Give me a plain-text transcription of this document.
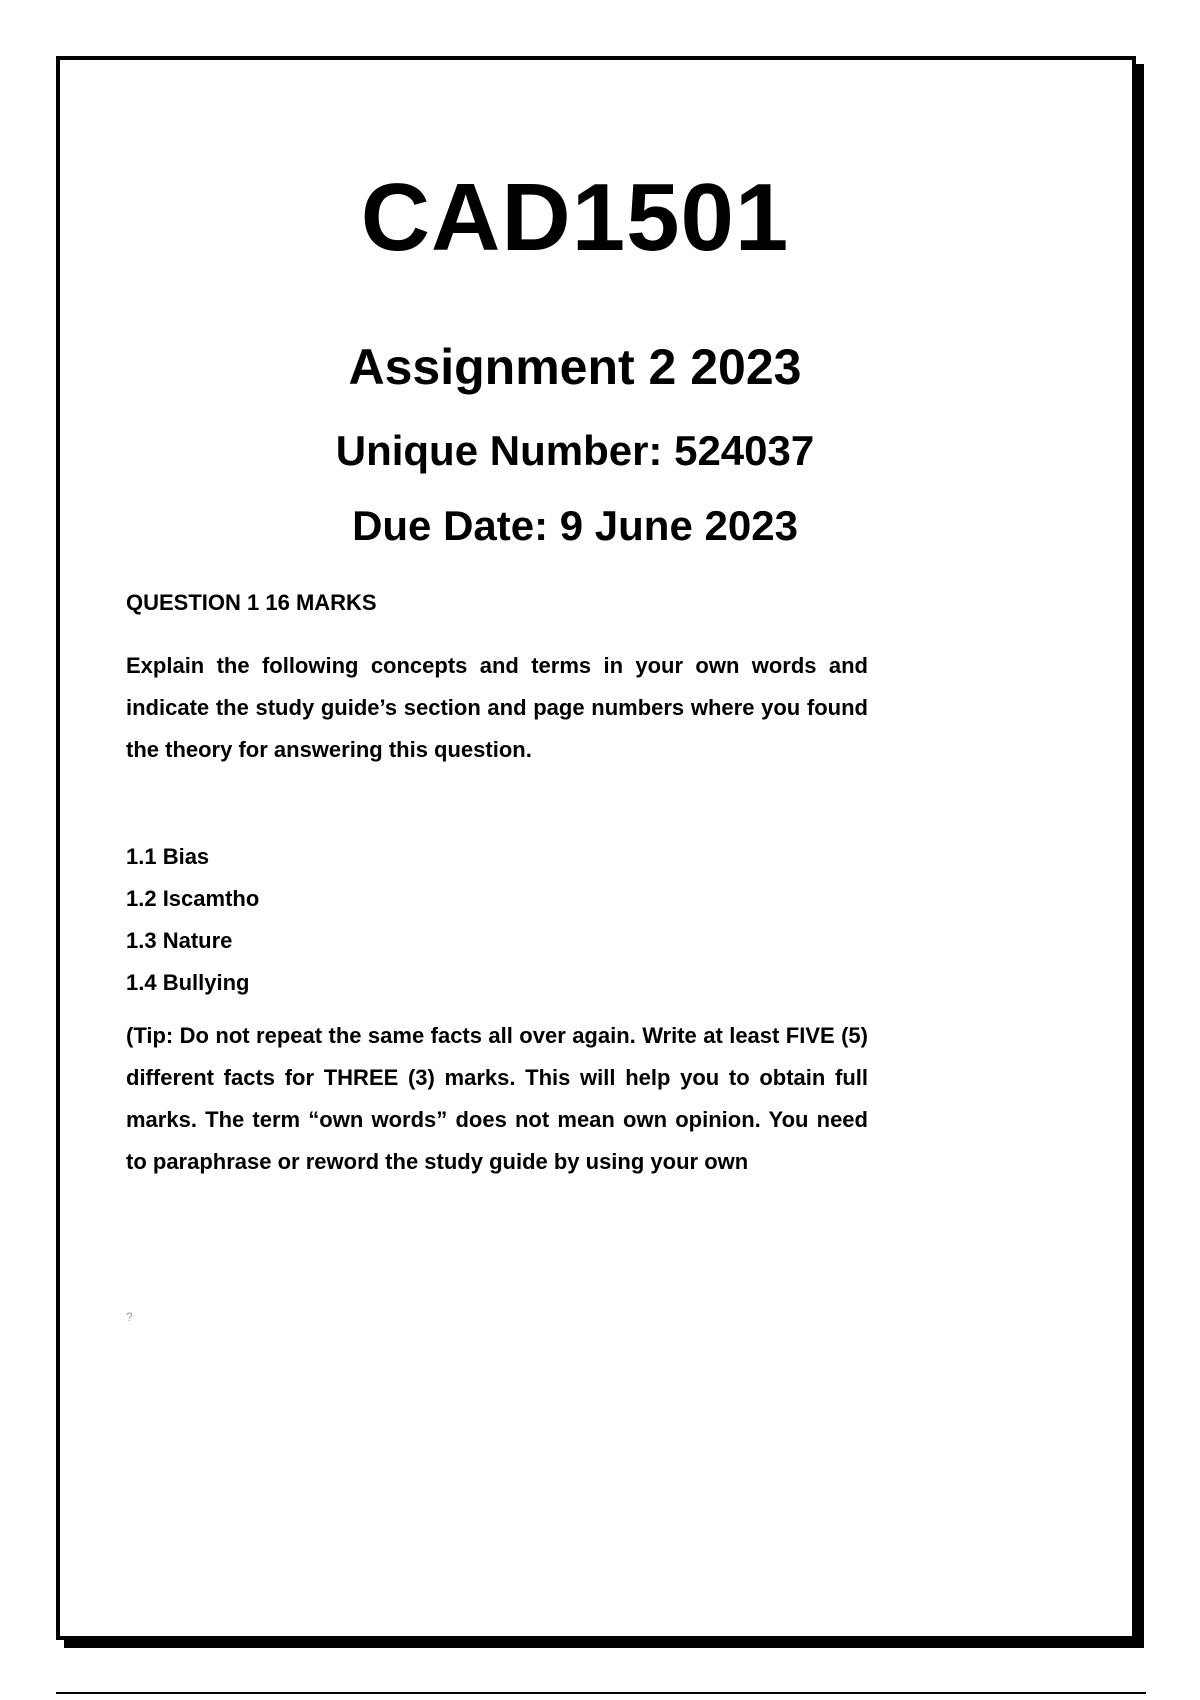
CAD1501
Assignment 2 2023
Unique Number: 524037
Due Date: 9 June 2023
QUESTION 1 16 MARKS
Explain the following concepts and terms in your own words and indicate the study guide’s section and page numbers where you found the theory for answering this question.
1.1 Bias
1.2 Iscamtho
1.3 Nature
1.4 Bullying
(Tip: Do not repeat the same facts all over again. Write at least FIVE (5) different facts for THREE (3) marks. This will help you to obtain full marks. The term “own words” does not mean own opinion. You need to paraphrase or reword the study guide by using your own
?
